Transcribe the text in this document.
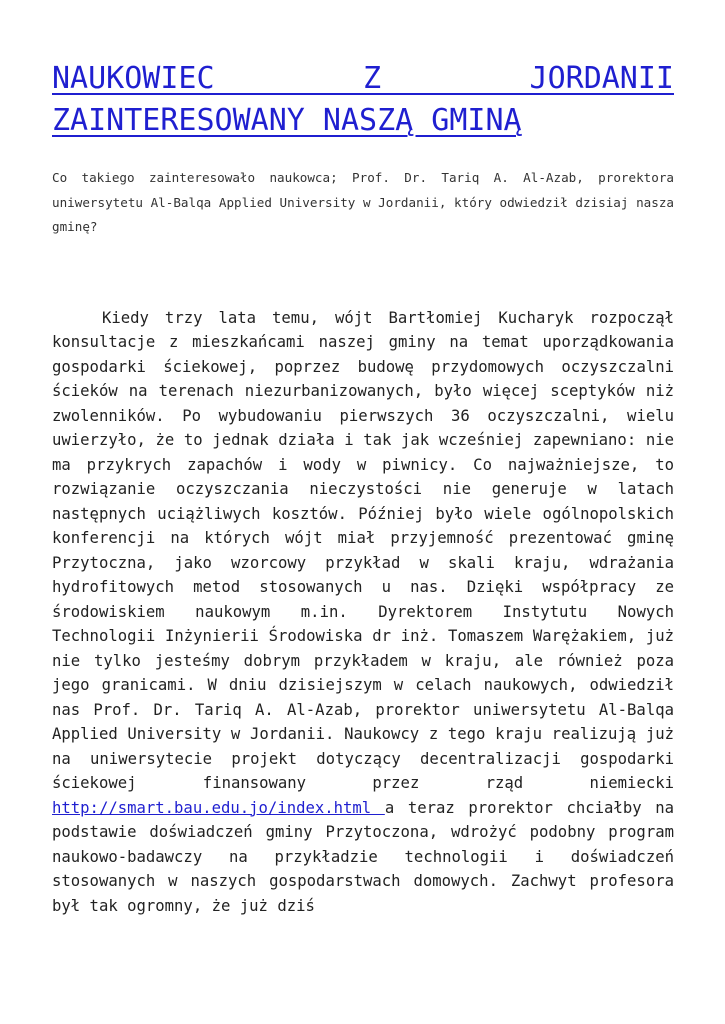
NAUKOWIEC Z JORDANII ZAINTERESOWANY NASZĄ GMINĄ

Co takiego zainteresowało naukowca; Prof. Dr. Tariq A. Al-Azab, prorektora uniwersytetu Al-Balqa Applied University w Jordanii, który odwiedził dzisiaj nasza gminę?

Kiedy trzy lata temu, wójt Bartłomiej Kucharyk rozpoczął konsultacje z mieszkańcami naszej gminy na temat uporządkowania gospodarki ściekowej, poprzez budowę przydomowych oczyszczalni ścieków na terenach niezurbanizowanych, było więcej sceptyków niż zwolenników. Po wybudowaniu pierwszych 36 oczyszczalni, wielu uwierzyło, że to jednak działa i tak jak wcześniej zapewniano: nie ma przykrych zapachów i wody w piwnicy. Co najważniejsze, to rozwiązanie oczyszczania nieczystości nie generuje w latach następnych uciążliwych kosztów. Później było wiele ogólnopolskich konferencji na których wójt miał przyjemność prezentować gminę Przytoczna, jako wzorcowy przykład w skali kraju, wdrażania hydrofitowych metod stosowanych u nas. Dzięki współpracy ze środowiskiem naukowym m.in. Dyrektorem Instytutu Nowych Technologii Inżynierii Środowiska dr inż. Tomaszem Warężakiem, już nie tylko jesteśmy dobrym przykładem w kraju, ale również poza jego granicami. W dniu dzisiejszym w celach naukowych, odwiedził nas Prof. Dr. Tariq A. Al-Azab, prorektor uniwersytetu Al-Balqa Applied University w Jordanii. Naukowcy z tego kraju realizują już na uniwersytecie projekt dotyczący decentralizacji gospodarki ściekowej finansowany przez rząd niemiecki http://smart.bau.edu.jo/index.html a teraz prorektor chciałby na podstawie doświadczeń gminy Przytoczona, wdrożyć podobny program naukowo-badawczy na przykładzie technologii i doświadczeń stosowanych w naszych gospodarstwach domowych. Zachwyt profesora był tak ogromny, że już dziś
